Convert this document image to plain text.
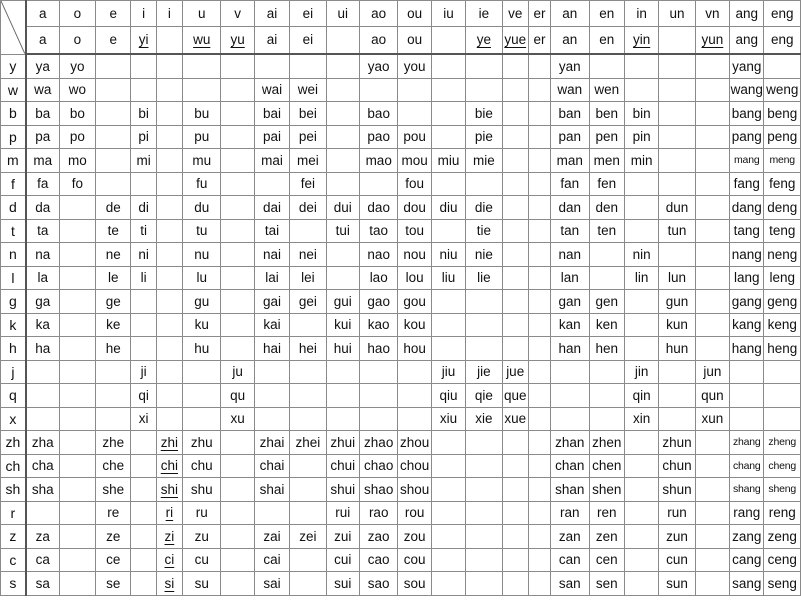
	a	o	e	i	i	u	v	ai	ei	ui	ao	ou	iu	ie	ve	er	an	en	in	un	vn	ang	eng
	a	o	e	yi		wu	yu	ai	ei		ao	ou		ye	yue	er	an	en	yin		yun	ang	eng
y	ya	yo									yao	you					yan					yang	
w	wa	wo						wai	wei								wan	wen				wang	weng
b	ba	bo		bi		bu		bai	bei		bao			bie			ban	ben	bin			bang	beng
p	pa	po		pi		pu		pai	pei		pao	pou		pie			pan	pen	pin			pang	peng
m	ma	mo		mi		mu		mai	mei		mao	mou	miu	mie			man	men	min			mang	meng
f	fa	fo				fu			fei			fou					fan	fen				fang	feng
d	da		de	di		du		dai	dei	dui	dao	dou	diu	die			dan	den		dun		dang	deng
t	ta		te	ti		tu		tai		tui	tao	tou		tie			tan	ten		tun		tang	teng
n	na		ne	ni		nu		nai	nei		nao	nou	niu	nie			nan		nin			nang	neng
l	la		le	li		lu		lai	lei		lao	lou	liu	lie			lan		lin	lun		lang	leng
g	ga		ge			gu		gai	gei	gui	gao	gou					gan	gen		gun		gang	geng
k	ka		ke			ku		kai		kui	kao	kou					kan	ken		kun		kang	keng
h	ha		he			hu		hai	hei	hui	hao	hou					han	hen		hun		hang	heng
j				ji			ju						jiu	jie	jue				jin		jun		
q				qi			qu						qiu	qie	que				qin		qun		
x				xi			xu						xiu	xie	xue				xin		xun		
zh	zha		zhe		zhi	zhu		zhai	zhei	zhui	zhao	zhou					zhan	zhen		zhun		zhang	zheng
ch	cha		che		chi	chu		chai		chui	chao	chou					chan	chen		chun		chang	cheng
sh	sha		she		shi	shu		shai		shui	shao	shou					shan	shen		shun		shang	sheng
r			re		ri	ru				rui	rao	rou					ran	ren		run		rang	reng
z	za		ze		zi	zu		zai	zei	zui	zao	zou					zan	zen		zun		zang	zeng
c	ca		ce		ci	cu		cai		cui	cao	cou					can	cen		cun		cang	ceng
s	sa		se		si	su		sai		sui	sao	sou					san	sen		sun		sang	seng
